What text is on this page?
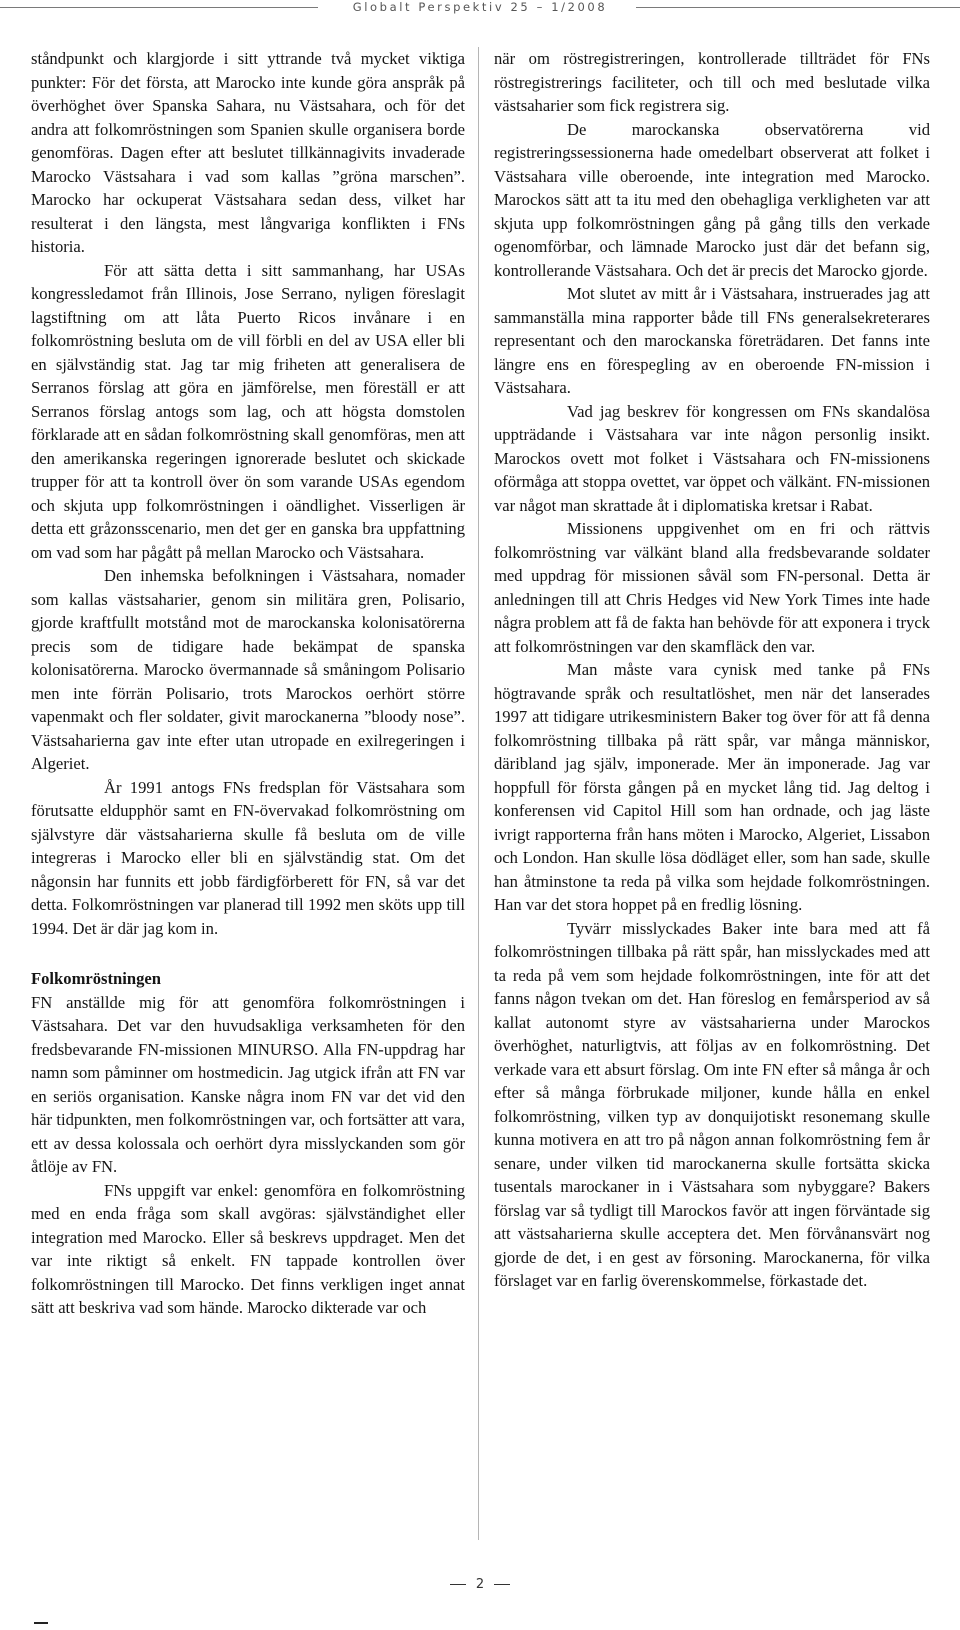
Globalt Perspektiv 25 – 1/2008

ståndpunkt och klargjorde i sitt yttrande två mycket viktiga punkter: För det första, att Marocko inte kunde göra anspråk på överhöghet över Spanska Sahara, nu Västsahara, och för det andra att folkomröstningen som Spanien skulle organisera borde genomföras. Dagen efter att beslutet tillkännagivits invaderade Marocko Västsahara i vad som kallas ”gröna marschen”. Marocko har ockuperat Västsahara sedan dess, vilket har resulterat i den längsta, mest långvariga konflikten i FNs historia.

För att sätta detta i sitt sammanhang, har USAs kongressledamot från Illinois, Jose Serrano, nyligen föreslagit lagstiftning om att låta Puerto Ricos invånare i en folkomröstning besluta om de vill förbli en del av USA eller bli en självständig stat. Jag tar mig friheten att generalisera de Serranos förslag att göra en jämförelse, men föreställ er att Serranos förslag antogs som lag, och att högsta domstolen förklarade att en sådan folkomröstning skall genomföras, men att den amerikanska regeringen ignorerade beslutet och skickade trupper för att ta kontroll över ön som varande USAs egendom och skjuta upp folkomröstningen i oändlighet. Visserligen är detta ett gråzonsscenario, men det ger en ganska bra uppfattning om vad som har pågått på mellan Marocko och Västsahara.

Den inhemska befolkningen i Västsahara, nomader som kallas västsaharier, genom sin militära gren, Polisario, gjorde kraftfullt motstånd mot de marockanska kolonisatörerna precis som de tidigare hade bekämpat de spanska kolonisatörerna. Marocko övermannade så småningom Polisario men inte förrän Polisario, trots Marockos oerhört större vapenmakt och fler soldater, givit marockanerna ”bloody nose”. Västsaharierna gav inte efter utan utropade en exilregeringen i Algeriet.

År 1991 antogs FNs fredsplan för Västsahara som förutsatte eldupphör samt en FN-övervakad folkomröstning om självstyre där västsaharierna skulle få besluta om de ville integreras i Marocko eller bli en självständig stat. Om det någonsin har funnits ett jobb färdigförberett för FN, så var det detta. Folkomröstningen var planerad till 1992 men sköts upp till 1994. Det är där jag kom in.

Folkomröstningen

FN anställde mig för att genomföra folkomröstningen i Västsahara. Det var den huvudsakliga verksamheten för den fredsbevarande FN-missionen MINURSO. Alla FN-uppdrag har namn som påminner om hostmedicin. Jag utgick ifrån att FN var en seriös organisation. Kanske några inom FN var det vid den här tidpunkten, men folkomröstningen var, och fortsätter att vara, ett av dessa kolossala och oerhört dyra misslyckanden som gör åtlöje av FN.

FNs uppgift var enkel: genomföra en folkomröstning med en enda fråga som skall avgöras: självständighet eller integration med Marocko. Eller så beskrevs uppdraget. Men det var inte riktigt så enkelt. FN tappade kontrollen över folkomröstningen till Marocko. Det finns verkligen inget annat sätt att beskriva vad som hände. Marocko dikterade var och

när om röstregistreringen, kontrollerade tillträdet för FNs röstregistrerings faciliteter, och till och med beslutade vilka västsaharier som fick registrera sig.

De marockanska observatörerna vid registreringssessionerna hade omedelbart observerat att folket i Västsahara ville oberoende, inte integration med Marocko. Marockos sätt att ta itu med den obehagliga verkligheten var att skjuta upp folkomröstningen gång på gång tills den verkade ogenomförbar, och lämnade Marocko just där det befann sig, kontrollerande Västsahara. Och det är precis det Marocko gjorde.

Mot slutet av mitt år i Västsahara, instruerades jag att sammanställa mina rapporter både till FNs generalsekreterares representant och den marockanska företrädaren. Det fanns inte längre ens en förespegling av en oberoende FN-mission i Västsahara.

Vad jag beskrev för kongressen om FNs skandalösa uppträdande i Västsahara var inte någon personlig insikt. Marockos ovett mot folket i Västsahara och FN-missionens oförmåga att stoppa ovettet, var öppet och välkänt. FN-missionen var något man skrattade åt i diplomatiska kretsar i Rabat.

Missionens uppgivenhet om en fri och rättvis folkomröstning var välkänt bland alla fredsbevarande soldater med uppdrag för missionen såväl som FN-personal. Detta är anledningen till att Chris Hedges vid New York Times inte hade några problem att få de fakta han behövde för att exponera i tryck att folkomröstningen var den skamfläck den var.

Man måste vara cynisk med tanke på FNs högtravande språk och resultatlöshet, men när det lanserades 1997 att tidigare utrikesministern Baker tog över för att få denna folkomröstning tillbaka på rätt spår, var många människor, däribland jag själv, imponerade. Mer än imponerade. Jag var hoppfull för första gången på en mycket lång tid. Jag deltog i konferensen vid Capitol Hill som han ordnade, och jag läste ivrigt rapporterna från hans möten i Marocko, Algeriet, Lissabon och London. Han skulle lösa dödläget eller, som han sade, skulle han åtminstone ta reda på vilka som hejdade folkomröstningen. Han var det stora hoppet på en fredlig lösning.

Tyvärr misslyckades Baker inte bara med att få folkomröstningen tillbaka på rätt spår, han misslyckades med att ta reda på vem som hejdade folkomröstningen, inte för att det fanns någon tvekan om det. Han föreslog en femårsperiod av så kallat autonomt styre av västsaharierna under Marockos överhöghet, naturligtvis, att följas av en folkomröstning. Det verkade vara ett absurt förslag. Om inte FN efter så många år och efter så många förbrukade miljoner, kunde hålla en enkel folkomröstning, vilken typ av donquijotiskt resonemang skulle kunna motivera en att tro på någon annan folkomröstning fem år senare, under vilken tid marockanerna skulle fortsätta skicka tusentals marockaner in i Västsahara som nybyggare? Bakers förslag var så tydligt till Marockos favör att ingen förväntade sig att västsaharierna skulle acceptera det. Men förvånansvärt nog gjorde de det, i en gest av försoning. Marockanerna, för vilka förslaget var en farlig överenskommelse, förkastade det.

2
